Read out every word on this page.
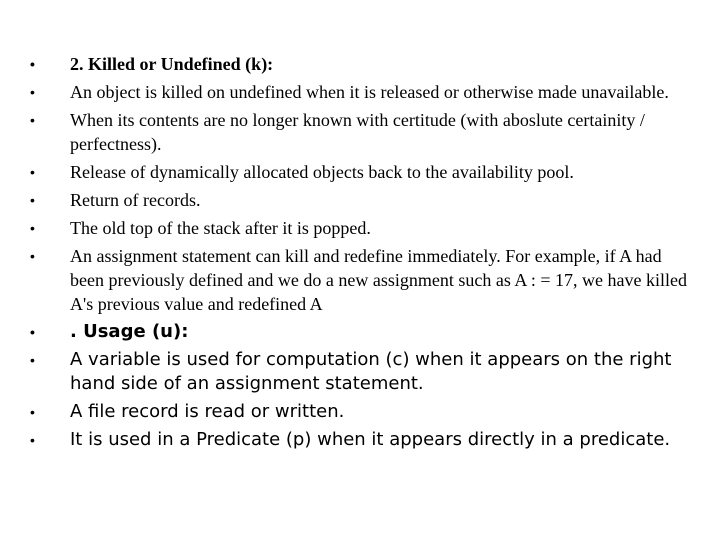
•	2. Killed or Undefined (k):
•	An object is killed on undefined when it is released or otherwise made unavailable.
•	When its contents are no longer known with certitude (with aboslute certainity / perfectness).
•	Release of dynamically allocated objects back to the availability pool.
•	Return of records.
•	The old top of the stack after it is popped.
•	An assignment statement can kill and redefine immediately. For example, if A had been previously defined and we do a new assignment such as A : = 17, we have killed A's previous value and redefined A
•	. Usage (u):
•	A variable is used for computation (c) when it appears on the right hand side of an assignment statement.
•	A file record is read or written.
•	It is used in a Predicate (p) when it appears directly in a predicate.
